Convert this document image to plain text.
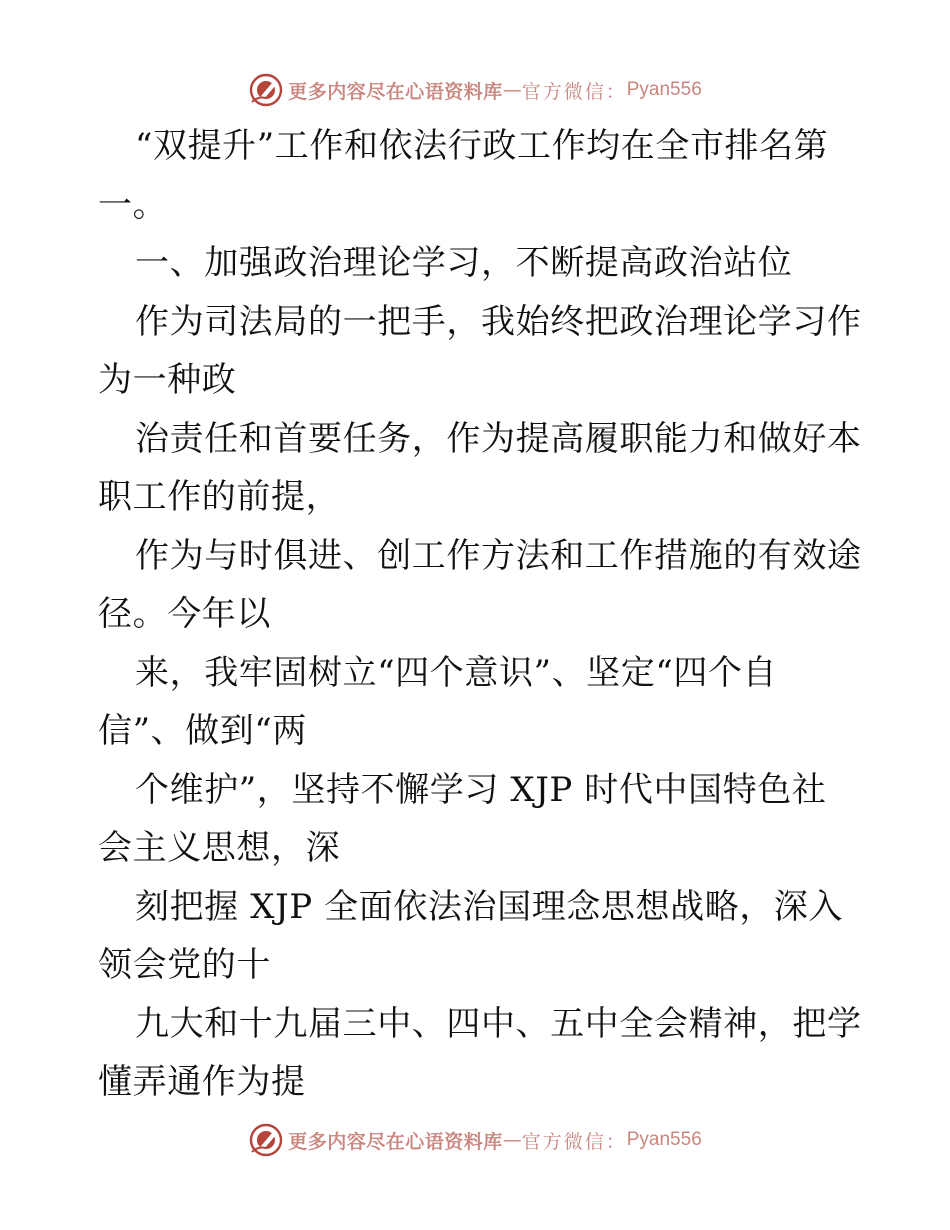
更多内容尽在心语资料库 — 官方微信： Pyan556
“双提升”工作和依法行政工作均在全市排名第
一。
一、加强政治理论学习，不断提高政治站位
作为司法局的一把手，我始终把政治理论学习作
为一种政
治责任和首要任务，作为提高履职能力和做好本
职工作的前提，
作为与时俱进、创工作方法和工作措施的有效途
径。今年以
来，我牢固树立“四个意识”、坚定“四个自
信”、做到“两
个维护”，坚持不懈学习 XJP 时代中国特色社
会主义思想，深
刻把握 XJP 全面依法治国理念思想战略，深入
领会党的十
九大和十九届三中、四中、五中全会精神，把学
懂弄通作为提
更多内容尽在心语资料库 — 官方微信： Pyan556
